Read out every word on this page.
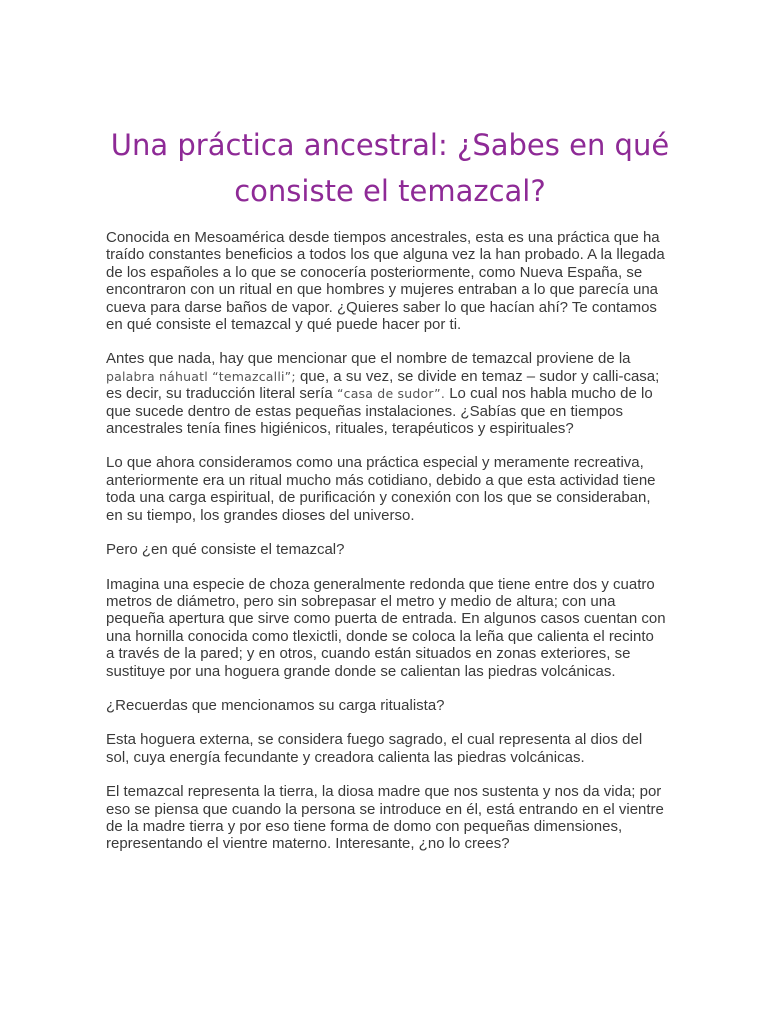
Una práctica ancestral: ¿Sabes en qué consiste el temazcal?

Conocida en Mesoamérica desde tiempos ancestrales, esta es una práctica que ha traído constantes beneficios a todos los que alguna vez la han probado. A la llegada de los españoles a lo que se conocería posteriormente, como Nueva España, se encontraron con un ritual en que hombres y mujeres entraban a lo que parecía una cueva para darse baños de vapor. ¿Quieres saber lo que hacían ahí? Te contamos en qué consiste el temazcal y qué puede hacer por ti.

Antes que nada, hay que mencionar que el nombre de temazcal proviene de la palabra náhuatl “temazcalli”; que, a su vez, se divide en temaz – sudor y calli-casa; es decir, su traducción literal sería “casa de sudor”. Lo cual nos habla mucho de lo que sucede dentro de estas pequeñas instalaciones. ¿Sabías que en tiempos ancestrales tenía fines higiénicos, rituales, terapéuticos y espirituales?

Lo que ahora consideramos como una práctica especial y meramente recreativa, anteriormente era un ritual mucho más cotidiano, debido a que esta actividad tiene toda una carga espiritual, de purificación y conexión con los que se consideraban, en su tiempo, los grandes dioses del universo.

Pero ¿en qué consiste el temazcal?

Imagina una especie de choza generalmente redonda que tiene entre dos y cuatro metros de diámetro, pero sin sobrepasar el metro y medio de altura; con una pequeña apertura que sirve como puerta de entrada. En algunos casos cuentan con una hornilla conocida como tlexictli, donde se coloca la leña que calienta el recinto a través de la pared; y en otros, cuando están situados en zonas exteriores, se sustituye por una hoguera grande donde se calientan las piedras volcánicas.

¿Recuerdas que mencionamos su carga ritualista?

Esta hoguera externa, se considera fuego sagrado, el cual representa al dios del sol, cuya energía fecundante y creadora calienta las piedras volcánicas.

El temazcal representa la tierra, la diosa madre que nos sustenta y nos da vida; por eso se piensa que cuando la persona se introduce en él, está entrando en el vientre de la madre tierra y por eso tiene forma de domo con pequeñas dimensiones, representando el vientre materno. Interesante, ¿no lo crees?
